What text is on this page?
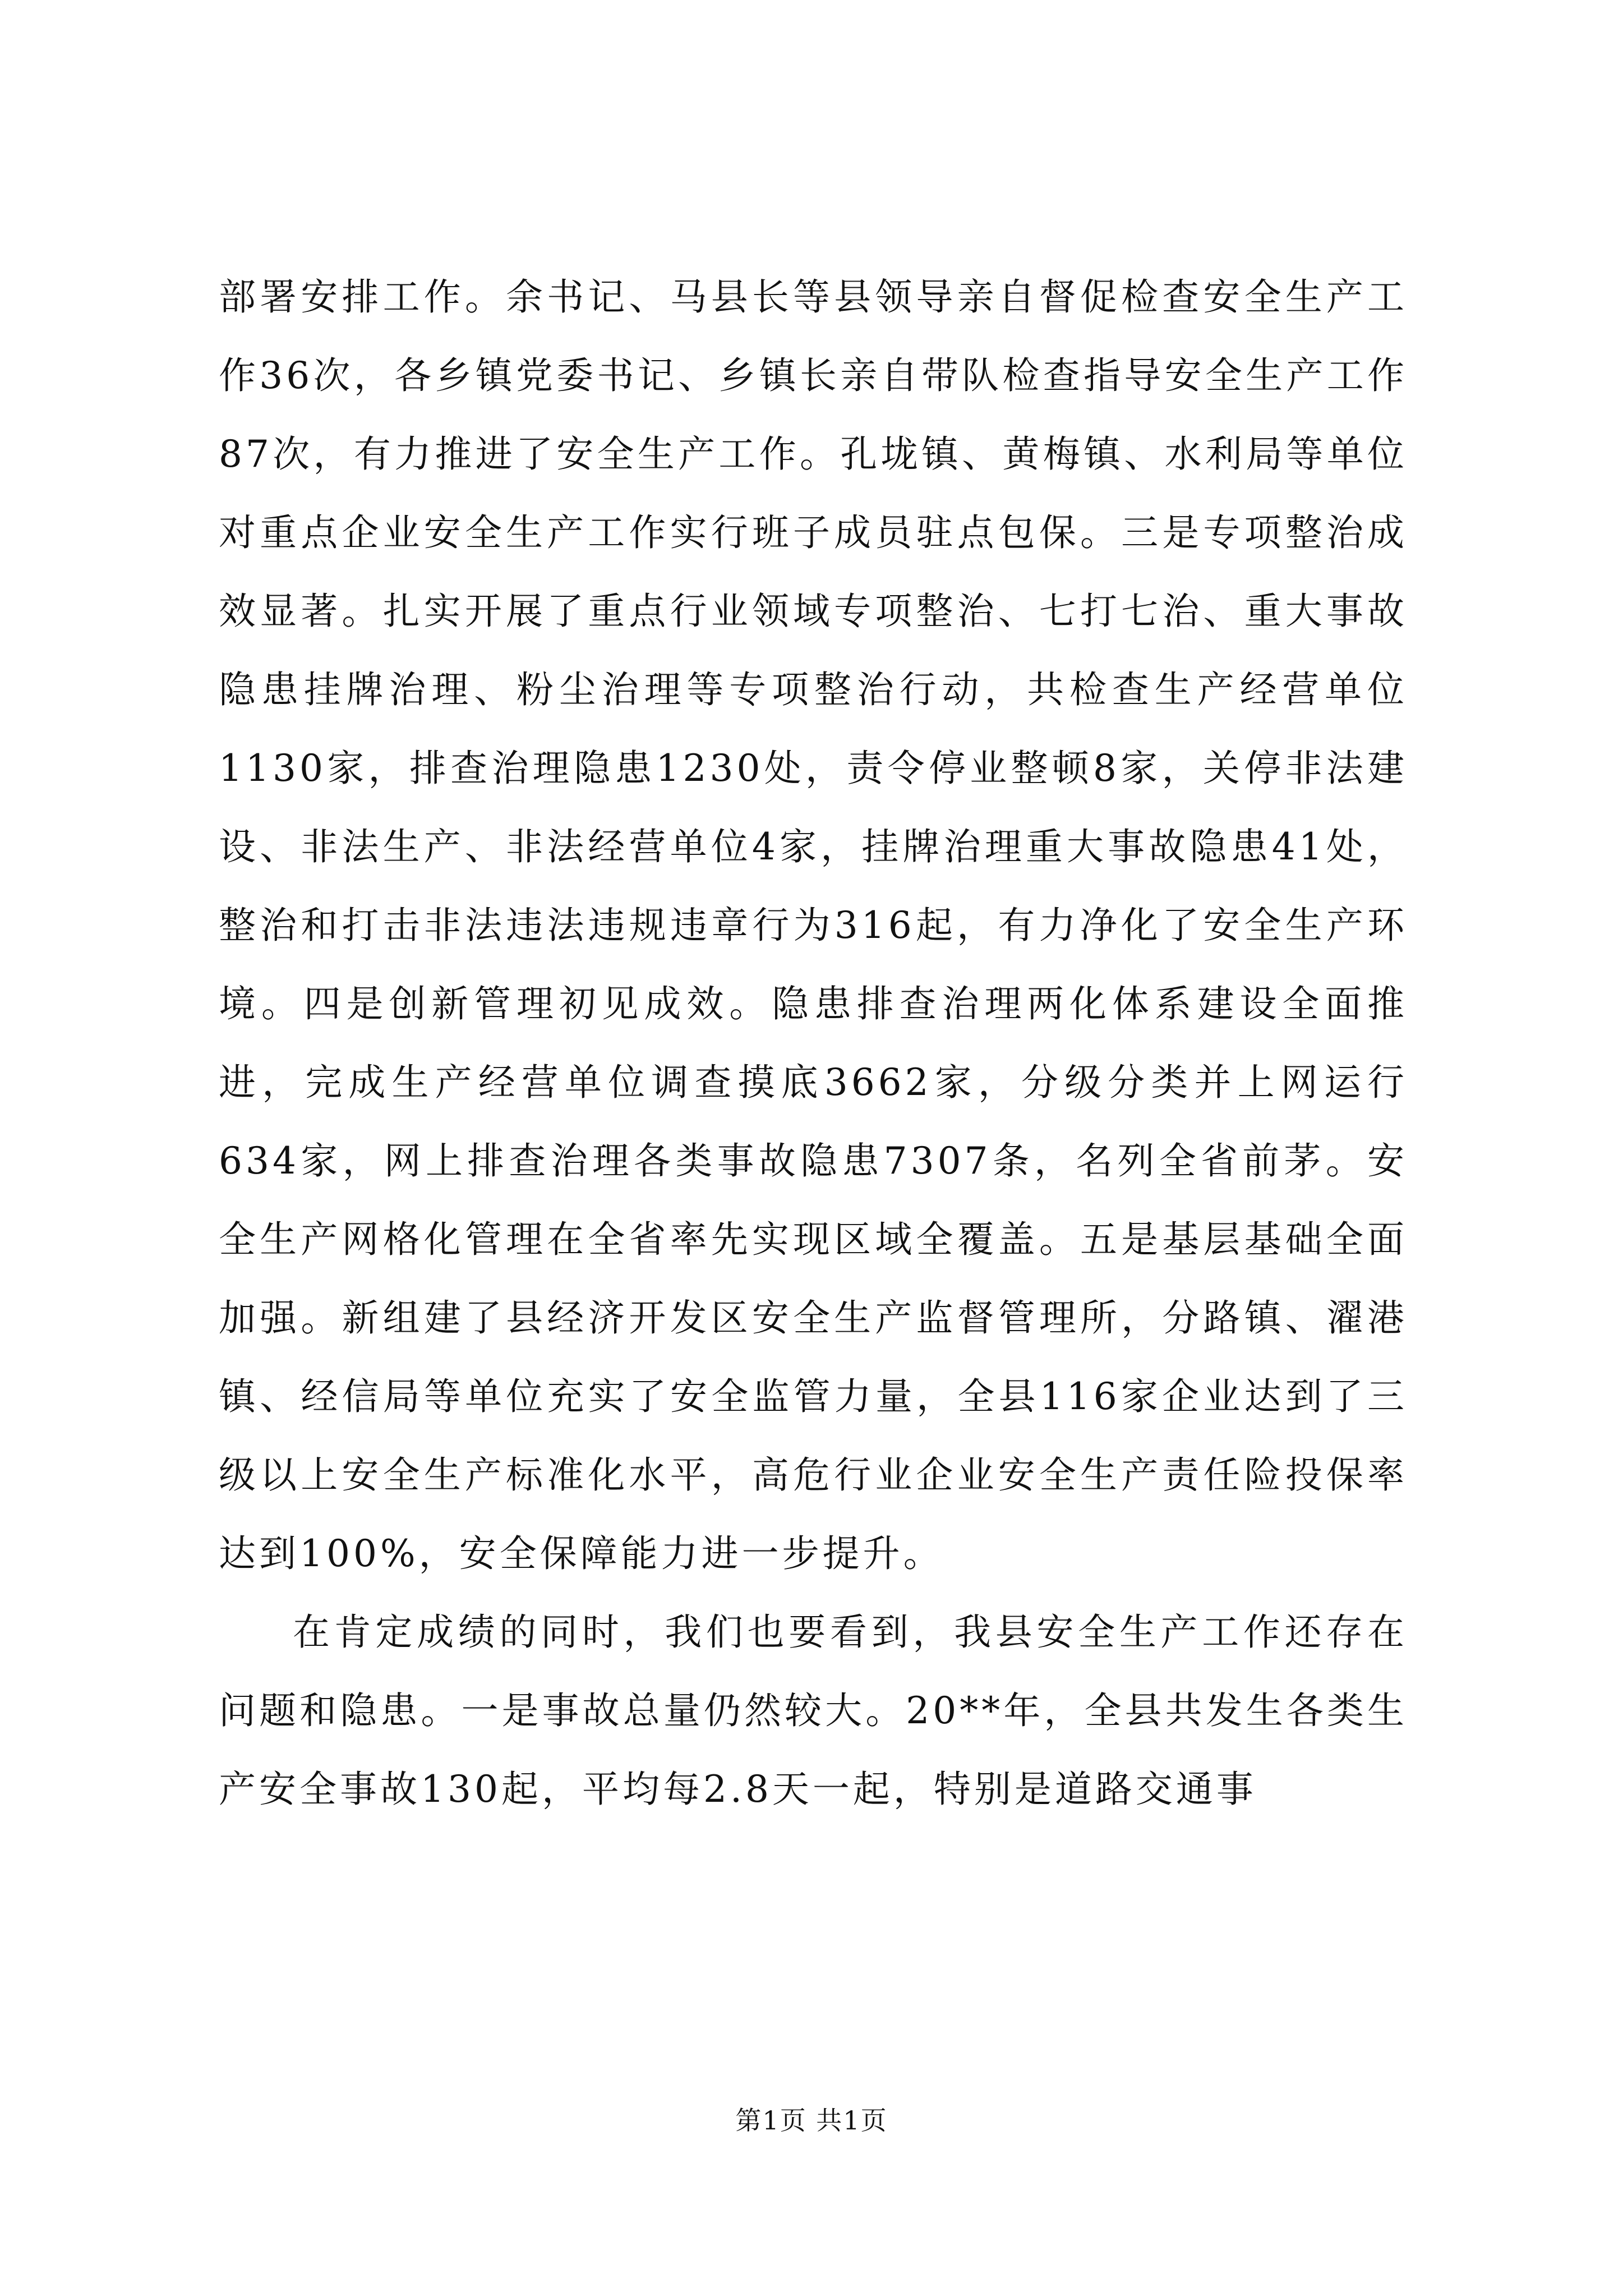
部署安排工作。余书记、马县长等县领导亲自督促检查安全生产工作36次，各乡镇党委书记、乡镇长亲自带队检查指导安全生产工作87次，有力推进了安全生产工作。孔垅镇、黄梅镇、水利局等单位对重点企业安全生产工作实行班子成员驻点包保。三是专项整治成效显著。扎实开展了重点行业领域专项整治、七打七治、重大事故隐患挂牌治理、粉尘治理等专项整治行动，共检查生产经营单位1130家，排查治理隐患1230处，责令停业整顿8家，关停非法建设、非法生产、非法经营单位4家，挂牌治理重大事故隐患41处，整治和打击非法违法违规违章行为316起，有力净化了安全生产环境。四是创新管理初见成效。隐患排查治理两化体系建设全面推进，完成生产经营单位调查摸底3662家，分级分类并上网运行634家，网上排查治理各类事故隐患7307条，名列全省前茅。安全生产网格化管理在全省率先实现区域全覆盖。五是基层基础全面加强。新组建了县经济开发区安全生产监督管理所，分路镇、濯港镇、经信局等单位充实了安全监管力量，全县116家企业达到了三级以上安全生产标准化水平，高危行业企业安全生产责任险投保率达到100%，安全保障能力进一步提升。

在肯定成绩的同时，我们也要看到，我县安全生产工作还存在问题和隐患。一是事故总量仍然较大。20**年，全县共发生各类生产安全事故130起，平均每2.8天一起，特别是道路交通事

第1页 共1页
